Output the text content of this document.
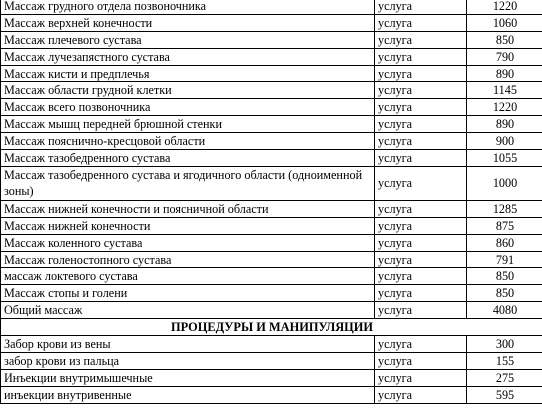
Массаж грудного отдела позвоночника	услуга	1220
Массаж верхней конечности	услуга	1060
Массаж плечевого сустава	услуга	850
Массаж лучезапястного сустава	услуга	790
Массаж кисти и предплечья	услуга	890
Массаж области грудной клетки	услуга	1145
Массаж всего позвоночника	услуга	1220
Массаж мышц передней брюшной стенки	услуга	890
Массаж пояснично-кресцовой области	услуга	900
Массаж тазобедренного сустава	услуга	1055
Массаж тазобедренного сустава и ягодичного области (одноименной зоны)	услуга	1000
Массаж нижней конечности и поясничной области	услуга	1285
Массаж нижней конечности	услуга	875
Массаж коленного сустава	услуга	860
Массаж голеностопного сустава	услуга	791
массаж локтевого сустава	услуга	850
Массаж стопы и голени	услуга	850
Общий массаж	услуга	4080
ПРОЦЕДУРЫ И МАНИПУЛЯЦИИ		
Забор крови из вены	услуга	300
забор крови из пальца	услуга	155
Инъекции внутримышечные	услуга	275
инъекции внутривенные	услуга	595
